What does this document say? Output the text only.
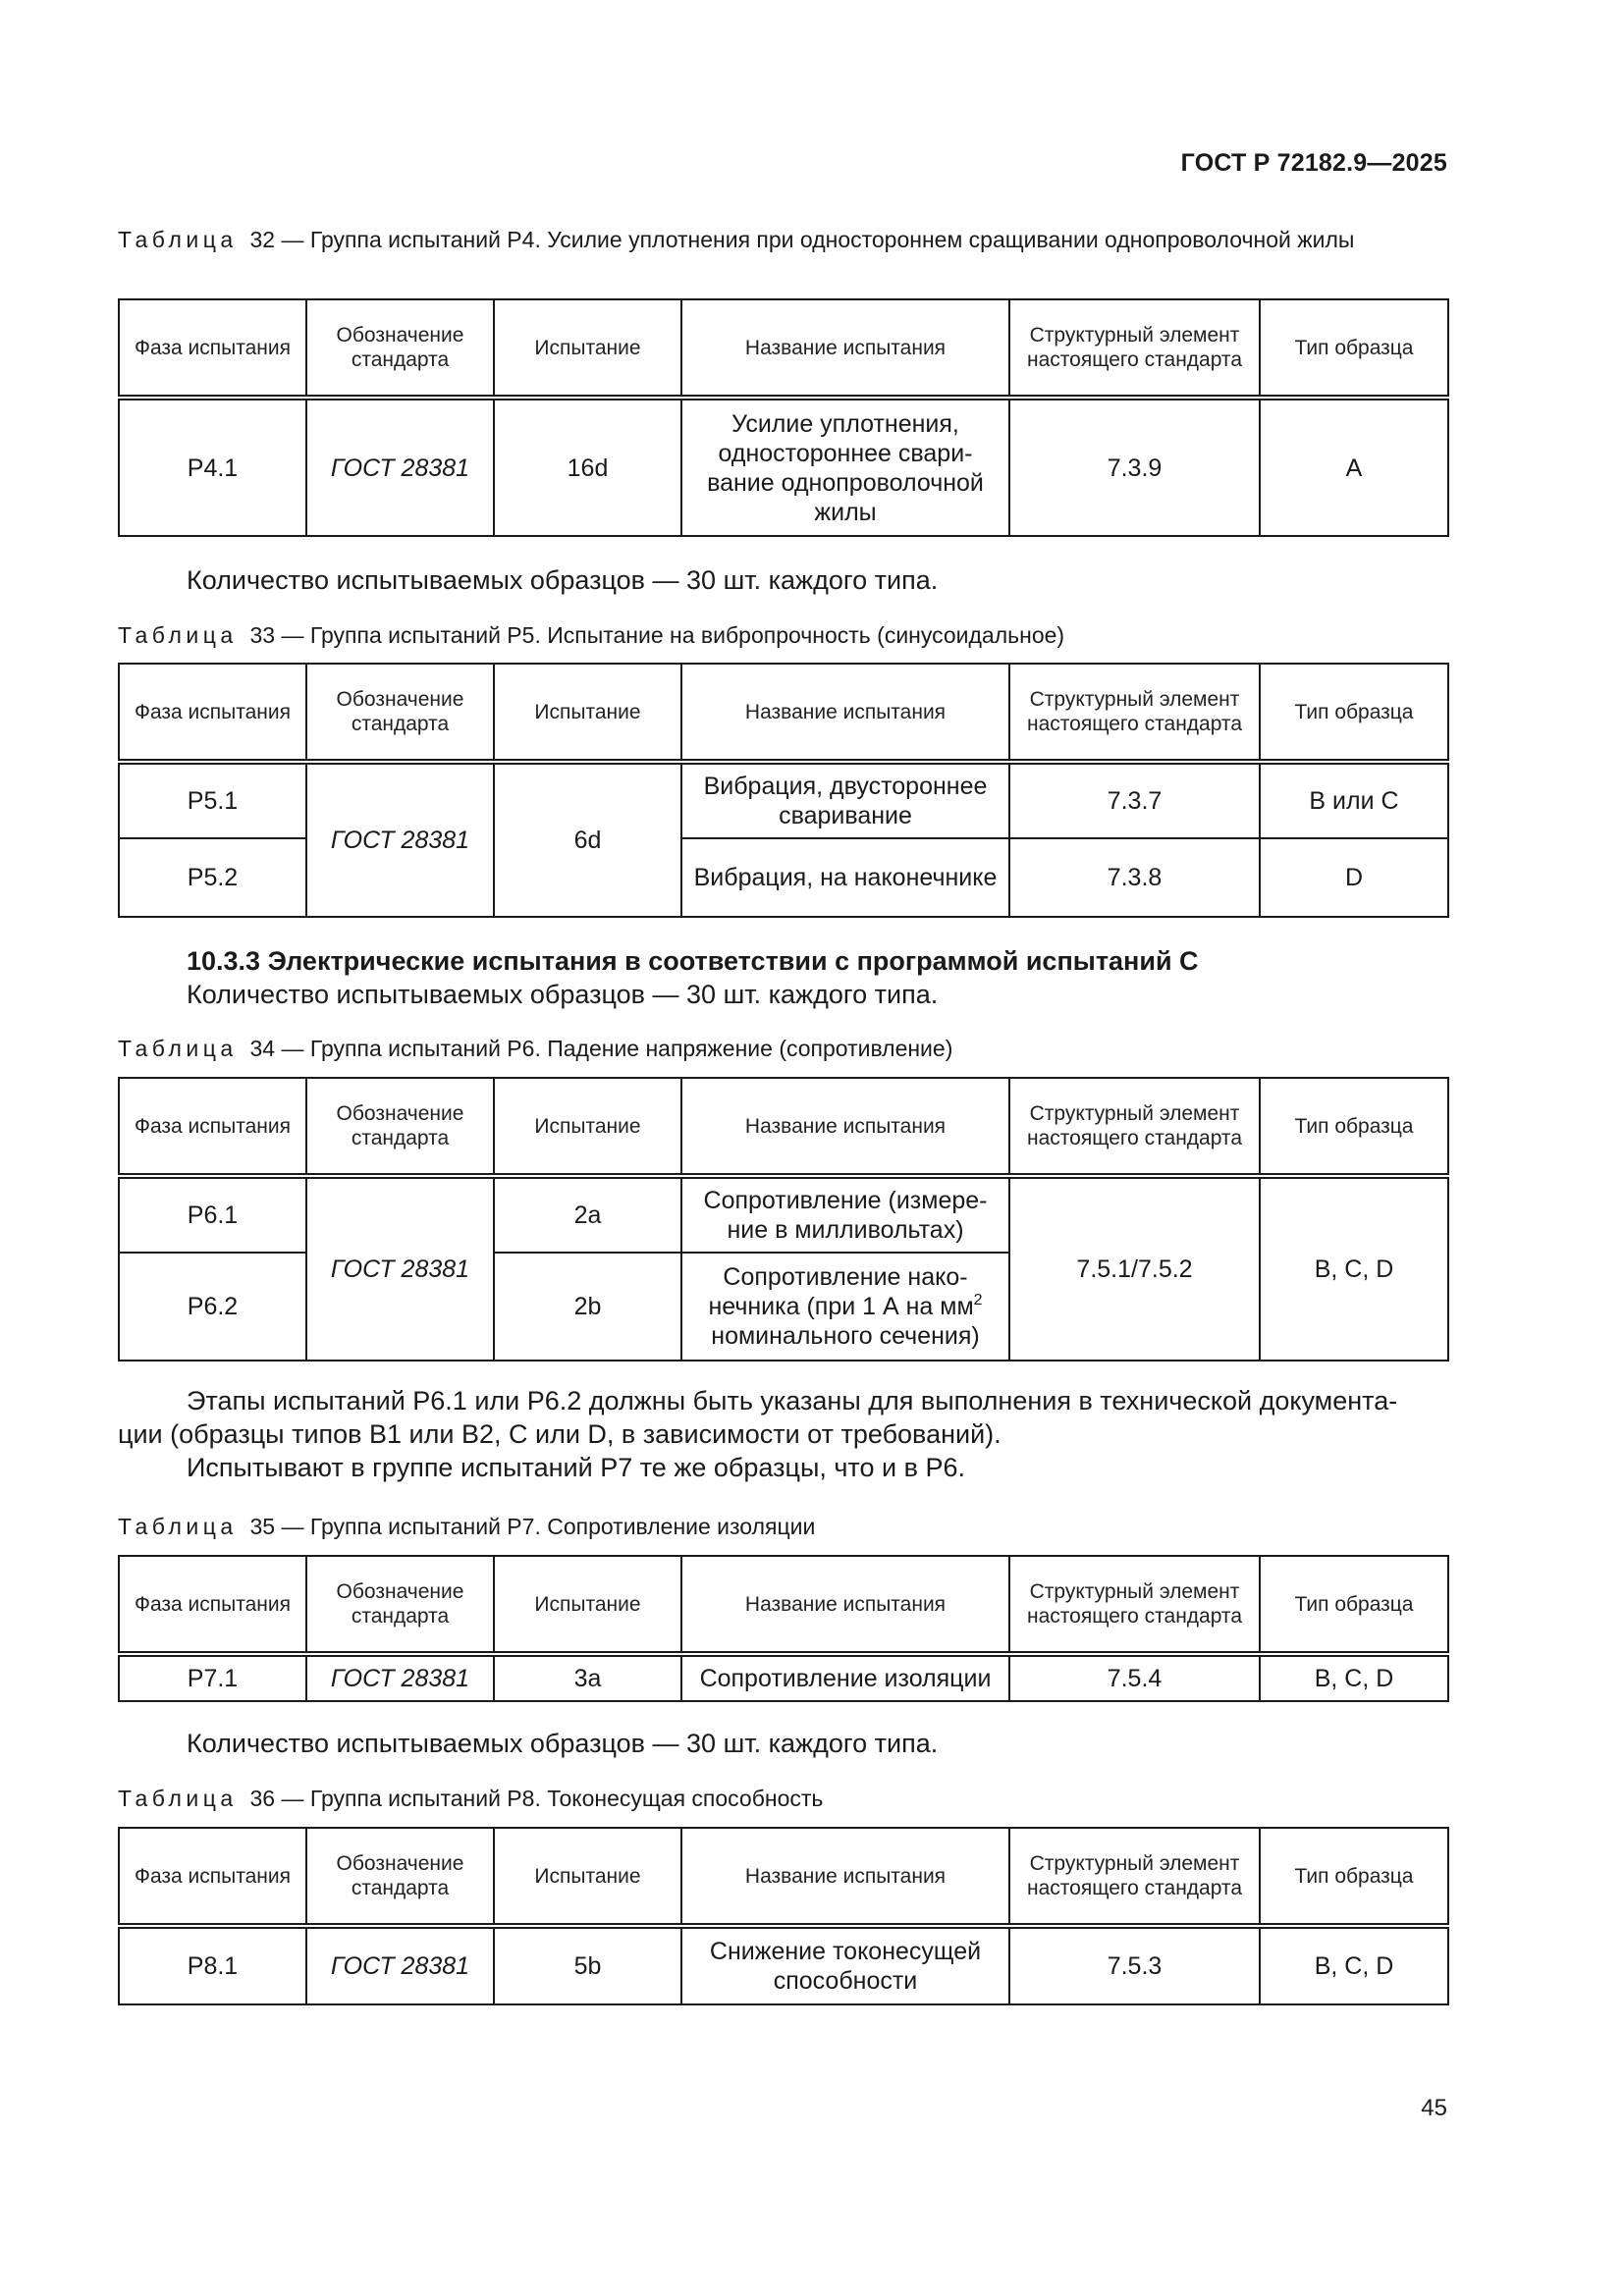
ГОСТ Р 72182.9—2025
Таблица 32 — Группа испытаний Р4. Усилие уплотнения при одностороннем сращивании однопроволочной жилы
Фаза испытания	Обозначение стандарта	Испытание	Название испытания	Структурный элемент настоящего стандарта	Тип образца
Р4.1	ГОСТ 28381	16d	Усилие уплотнения, одностороннее свари-вание однопроволочной жилы	7.3.9	A
Количество испытываемых образцов — 30 шт. каждого типа.
Таблица 33 — Группа испытаний Р5. Испытание на вибропрочность (синусоидальное)
Фаза испытания	Обозначение стандарта	Испытание	Название испытания	Структурный элемент настоящего стандарта	Тип образца
Р5.1	ГОСТ 28381	6d	Вибрация, двустороннее сваривание	7.3.7	B или C
Р5.2			Вибрация, на наконечнике	7.3.8	D
10.3.3 Электрические испытания в соответствии с программой испытаний C
Количество испытываемых образцов — 30 шт. каждого типа.
Таблица 34 — Группа испытаний Р6. Падение напряжение (сопротивление)
Фаза испытания	Обозначение стандарта	Испытание	Название испытания	Структурный элемент настоящего стандарта	Тип образца
Р6.1	ГОСТ 28381	2a	Сопротивление (измере-ние в милливольтах)	7.5.1/7.5.2	B, C, D
Р6.2		2b	Сопротивление нако-нечника (при 1 А на $мм^2$ номинального сечения)		
Этапы испытаний Р6.1 или Р6.2 должны быть указаны для выполнения в технической документа-
ции (образцы типов B1 или B2, C или D, в зависимости от требований).
Испытывают в группе испытаний Р7 те же образцы, что и в Р6.
Таблица 35 — Группа испытаний Р7. Сопротивление изоляции
Фаза испытания	Обозначение стандарта	Испытание	Название испытания	Структурный элемент настоящего стандарта	Тип образца
Р7.1	ГОСТ 28381	3a	Сопротивление изоляции	7.5.4	B, C, D
Количество испытываемых образцов — 30 шт. каждого типа.
Таблица 36 — Группа испытаний Р8. Токонесущая способность
Фаза испытания	Обозначение стандарта	Испытание	Название испытания	Структурный элемент настоящего стандарта	Тип образца
Р8.1	ГОСТ 28381	5b	Снижение токонесущей способности	7.5.3	B, C, D
45
